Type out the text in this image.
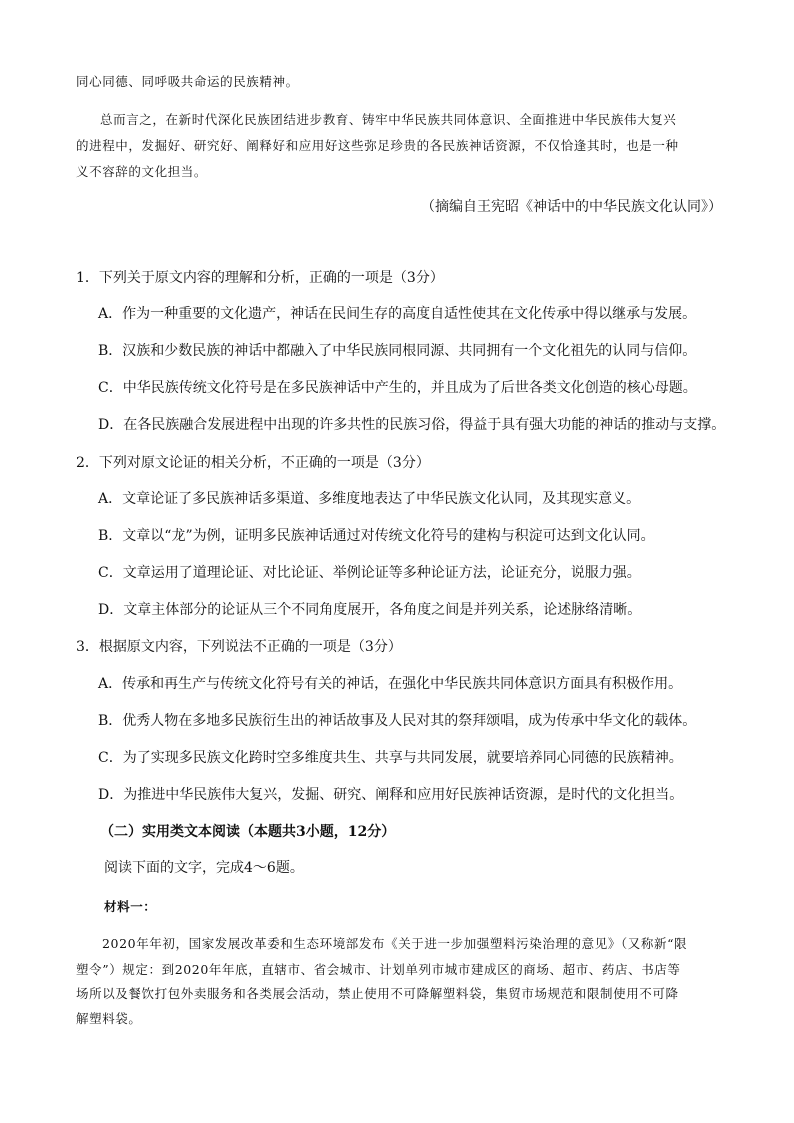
同心同德、同呼吸共命运的民族精神。
总而言之，在新时代深化民族团结进步教育、铸牢中华民族共同体意识、全面推进中华民族伟大复兴
的进程中，发掘好、研究好、阐释好和应用好这些弥足珍贵的各民族神话资源，不仅恰逢其时，也是一种
义不容辞的文化担当。
（摘编自王宪昭《神话中的中华民族文化认同》）
1．下列关于原文内容的理解和分析，正确的一项是（3分）
A．作为一种重要的文化遗产，神话在民间生存的高度自适性使其在文化传承中得以继承与发展。
B．汉族和少数民族的神话中都融入了中华民族同根同源、共同拥有一个文化祖先的认同与信仰。
C．中华民族传统文化符号是在多民族神话中产生的，并且成为了后世各类文化创造的核心母题。
D．在各民族融合发展进程中出现的许多共性的民族习俗，得益于具有强大功能的神话的推动与支撑。
2．下列对原文论证的相关分析，不正确的一项是（3分）
A．文章论证了多民族神话多渠道、多维度地表达了中华民族文化认同，及其现实意义。
B．文章以“龙”为例，证明多民族神话通过对传统文化符号的建构与积淀可达到文化认同。
C．文章运用了道理论证、对比论证、举例论证等多种论证方法，论证充分，说服力强。
D．文章主体部分的论证从三个不同角度展开，各角度之间是并列关系，论述脉络清晰。
3．根据原文内容，下列说法不正确的一项是（3分）
A．传承和再生产与传统文化符号有关的神话，在强化中华民族共同体意识方面具有积极作用。
B．优秀人物在多地多民族衍生出的神话故事及人民对其的祭拜颂唱，成为传承中华文化的载体。
C．为了实现多民族文化跨时空多维度共生、共享与共同发展，就要培养同心同德的民族精神。
D．为推进中华民族伟大复兴，发掘、研究、阐释和应用好民族神话资源，是时代的文化担当。
（二）实用类文本阅读（本题共3小题，12分）
阅读下面的文字，完成4～6题。
材料一：
2020年年初，国家发展改革委和生态环境部发布《关于进一步加强塑料污染治理的意见》（又称新“限
塑令”）规定：到2020年年底，直辖市、省会城市、计划单列市城市建成区的商场、超市、药店、书店等
场所以及餐饮打包外卖服务和各类展会活动，禁止使用不可降解塑料袋，集贸市场规范和限制使用不可降
解塑料袋。
